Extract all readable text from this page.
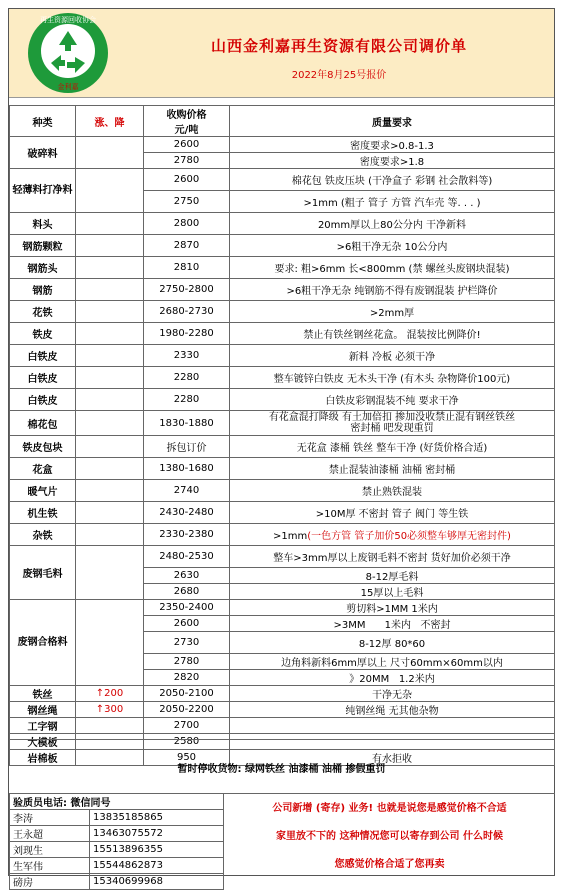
再生资源回收协会
金利嘉
山西金利嘉再生资源有限公司调价单
2022年8月25号报价
种类	涨、降	收购价格
元/吨	质量要求
破碎料		2600	密度要求>0.8-1.3
		2780	密度要求>1.8
轻薄料打净料		2600	棉花包 铁皮压块 (干净盒子 彩钢 社会散料等)
		2750	>1mm (粗子 管子 方管 汽车壳 等. . . )
料头		2800	20mm厚以上80公分内 干净新料
钢筋颗粒		2870	>6粗干净无杂 10公分内
钢筋头		2810	要求: 粗>6mm 长<800mm (禁 螺丝头废钢块混装)
钢筋		2750-2800	>6粗干净无杂 纯钢筋不得有废钢混装 护栏降价
花铁		2680-2730	>2mm厚
铁皮		1980-2280	禁止有铁丝钢丝花盒。 混装按比例降价!
白铁皮		2330	新料 冷板 必须干净
白铁皮		2280	整车镀锌白铁皮 无木头干净 (有木头 杂物降价100元)
白铁皮		2280	白铁皮彩钢混装不纯 要求干净
棉花包		1830-1880	有花盒混打降级 有土加倍扣 掺加没收禁止混有钢丝铁丝
密封桶 吧发现重罚
铁皮包块		拆包订价	无花盒 漆桶 铁丝 整车干净 (好货价格合适)
花盒		1380-1680	禁止混装油漆桶 油桶 密封桶
暖气片		2740	禁止熟铁混装
机生铁		2430-2480	>10M厚 不密封 管子 阀门 等生铁
杂铁		2330-2380	>1mm(一色方管 管子加价50必须整车够厚无密封件)
废钢毛料		2480-2530	整车>3mm厚以上废钢毛料不密封 货好加价必须干净
		2630	8-12厚毛料
		2680	15厚以上毛料
废钢合格料		2350-2400	剪切料>1MM 1米内
		2600	>3MM 1米内 不密封
		2730	8-12厚 80*60
		2780	边角料新料6mm厚以上 尺寸60mm×60mm以内
		2820	》20MM 1.2米内
铁丝	↑200	2050-2100	干净无杂
钢丝绳	↑300	2050-2200	纯钢丝绳 无其他杂物
工字钢		2700	
大模板		2580	
岩棉板		950	有水拒收
暂时停收货物: 绿网铁丝 油漆桶 油桶 掺假重罚
验质员电话: 微信同号	
李涛	13835185865
王永超	13463075572
刘现生	15513896355
生军伟	15544862873
磅房	15340699968
公司新增 (寄存) 业务! 也就是说您是感觉价格不合适
家里放不下的 这种情况您可以寄存到公司 什么时候
您感觉价格合适了您再卖
